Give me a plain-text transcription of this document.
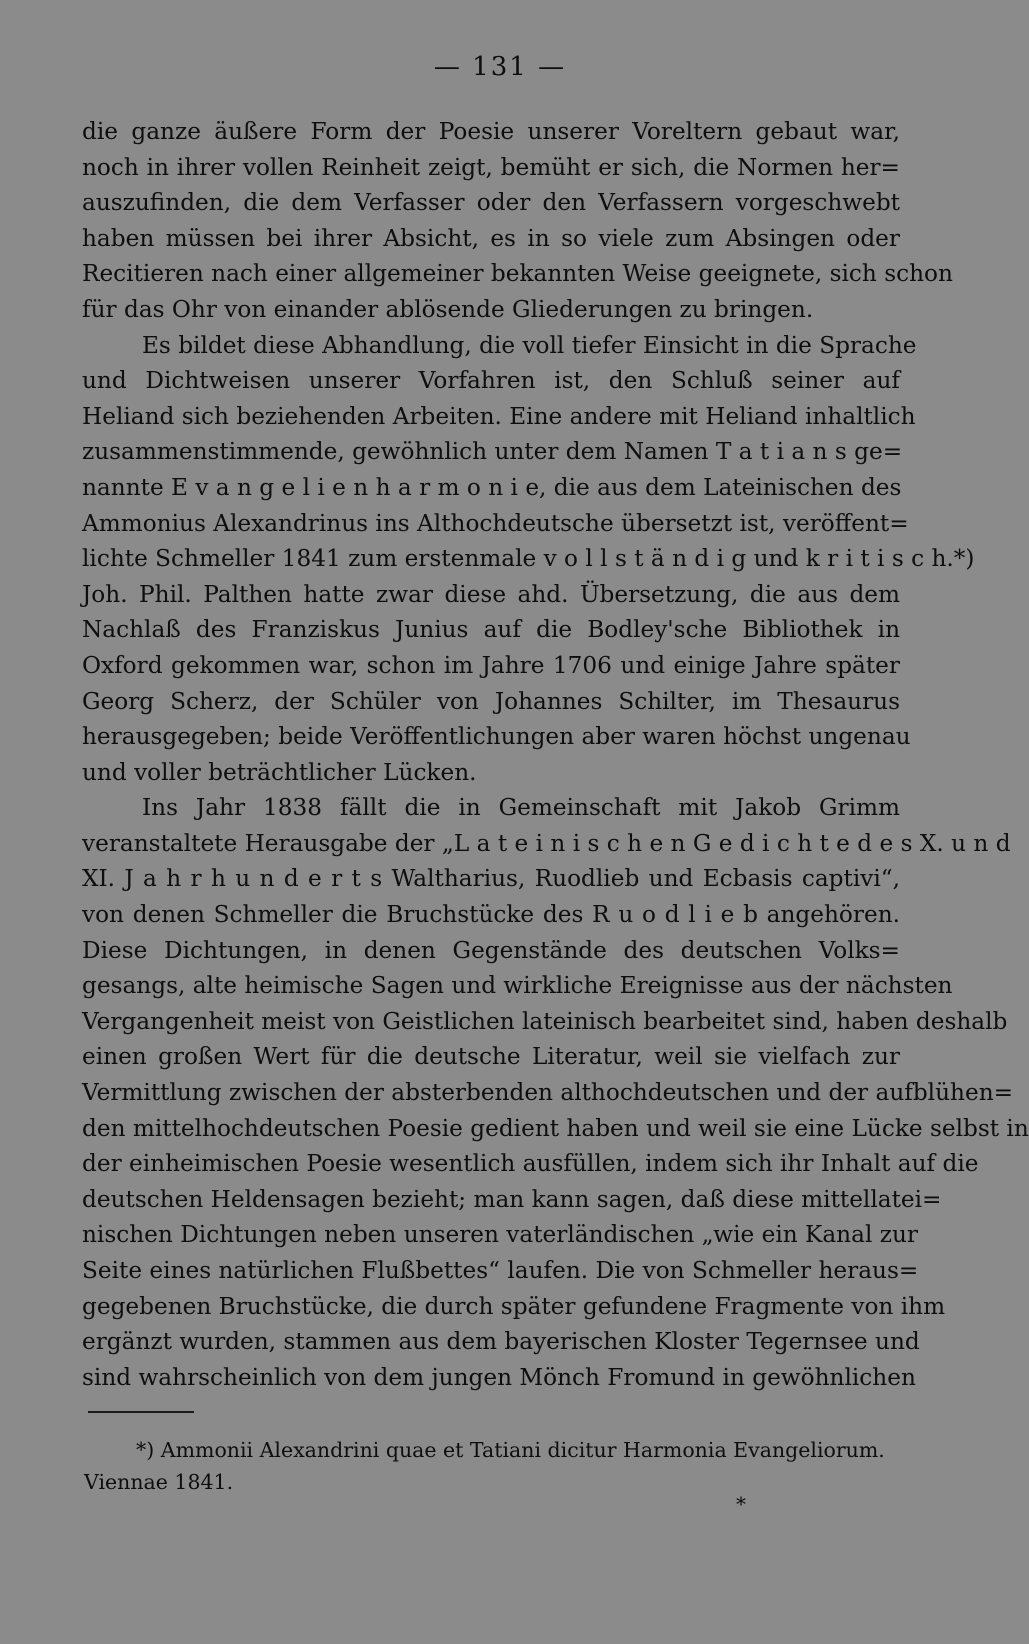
— 131 —
die ganze äußere Form der Poesie unserer Voreltern gebaut war,
noch in ihrer vollen Reinheit zeigt, bemüht er sich, die Normen her=
auszufinden, die dem Verfasser oder den Verfassern vorgeschwebt
haben müssen bei ihrer Absicht, es in so viele zum Absingen oder
Recitieren nach einer allgemeiner bekannten Weise geeignete, sich schon
für das Ohr von einander ablösende Gliederungen zu bringen.
Es bildet diese Abhandlung, die voll tiefer Einsicht in die Sprache
und Dichtweisen unserer Vorfahren ist, den Schluß seiner auf
Heliand sich beziehenden Arbeiten. Eine andere mit Heliand inhaltlich
zusammenstimmende, gewöhnlich unter dem Namen T a t i a n s ge=
nannte E v a n g e l i e n h a r m o n i e, die aus dem Lateinischen des
Ammonius Alexandrinus ins Althochdeutsche übersetzt ist, veröffent=
lichte Schmeller 1841 zum erstenmale v o l l s t ä n d i g und k r i t i s c h.*)
Joh. Phil. Palthen hatte zwar diese ahd. Übersetzung, die aus dem
Nachlaß des Franziskus Junius auf die Bodley'sche Bibliothek in
Oxford gekommen war, schon im Jahre 1706 und einige Jahre später
Georg Scherz, der Schüler von Johannes Schilter, im Thesaurus
herausgegeben; beide Veröffentlichungen aber waren höchst ungenau
und voller beträchtlicher Lücken.
Ins Jahr 1838 fällt die in Gemeinschaft mit Jakob Grimm
veranstaltete Herausgabe der „L a t e i n i s c h e n G e d i c h t e d e s X. u n d
XI. J a h r h u n d e r t s Waltharius, Ruodlieb und Ecbasis captivi“,
von denen Schmeller die Bruchstücke des R u o d l i e b angehören.
Diese Dichtungen, in denen Gegenstände des deutschen Volks=
gesangs, alte heimische Sagen und wirkliche Ereignisse aus der nächsten
Vergangenheit meist von Geistlichen lateinisch bearbeitet sind, haben deshalb
einen großen Wert für die deutsche Literatur, weil sie vielfach zur
Vermittlung zwischen der absterbenden althochdeutschen und der aufblühen=
den mittelhochdeutschen Poesie gedient haben und weil sie eine Lücke selbst in
der einheimischen Poesie wesentlich ausfüllen, indem sich ihr Inhalt auf die
deutschen Heldensagen bezieht; man kann sagen, daß diese mittellatei=
nischen Dichtungen neben unseren vaterländischen „wie ein Kanal zur
Seite eines natürlichen Flußbettes“ laufen. Die von Schmeller heraus=
gegebenen Bruchstücke, die durch später gefundene Fragmente von ihm
ergänzt wurden, stammen aus dem bayerischen Kloster Tegernsee und
sind wahrscheinlich von dem jungen Mönch Fromund in gewöhnlichen
*) Ammonii Alexandrini quae et Tatiani dicitur Harmonia Evangeliorum.
Viennae 1841.
*
